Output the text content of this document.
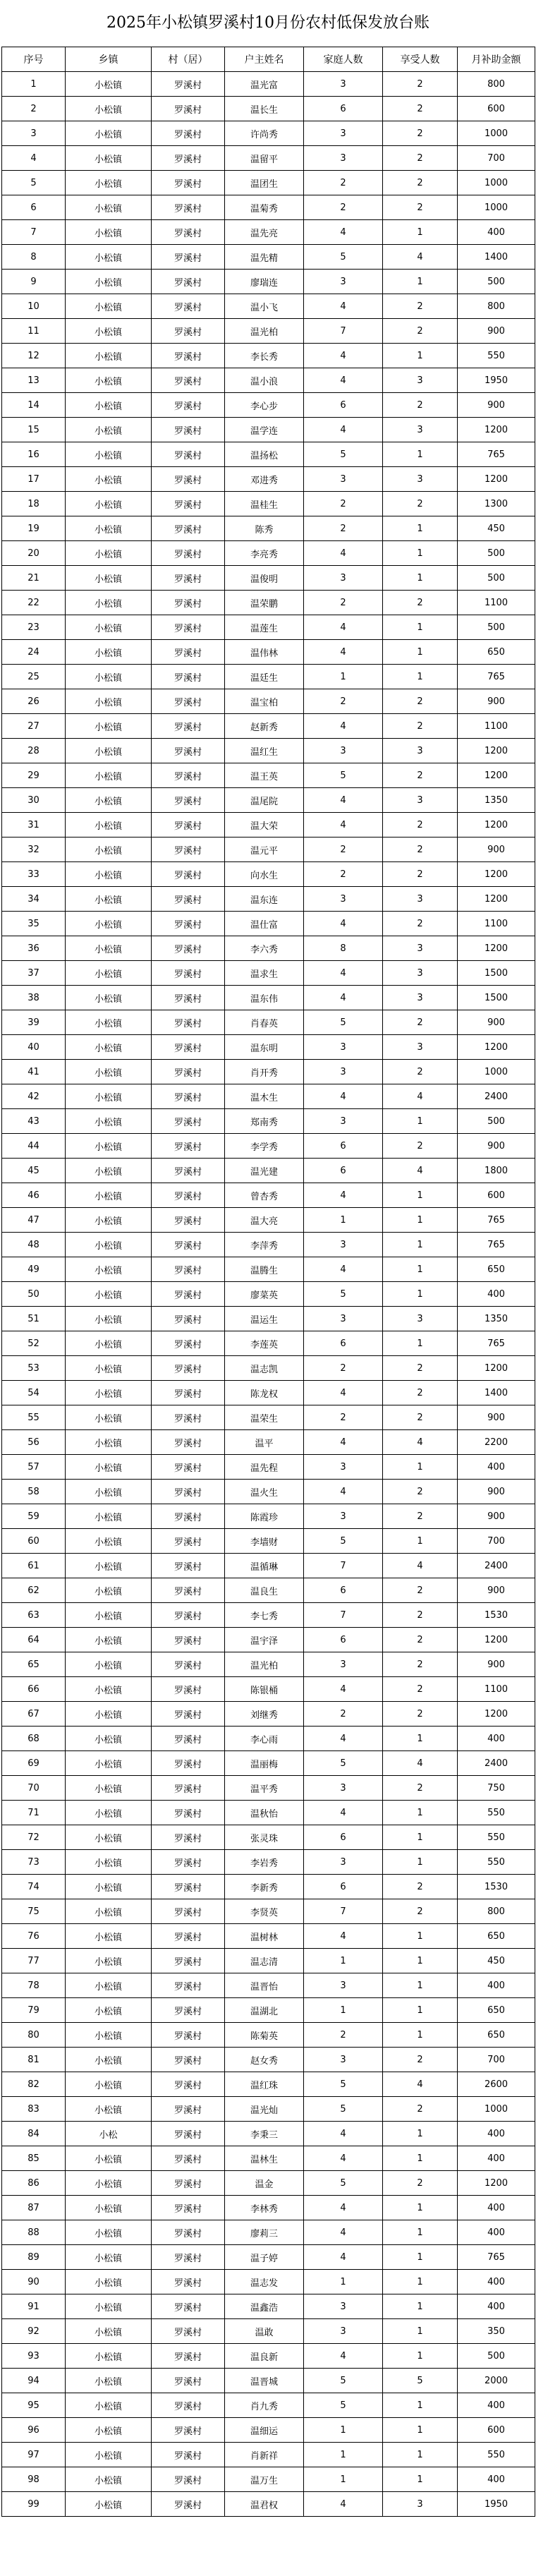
2025年小松镇罗溪村10月份农村低保发放台账
序号	乡镇	村（居）	户主姓名	家庭人数	享受人数	月补助金额
1	小松镇	罗溪村	温光富	3	2	800
2	小松镇	罗溪村	温长生	6	2	600
3	小松镇	罗溪村	许尚秀	3	2	1000
4	小松镇	罗溪村	温留平	3	2	700
5	小松镇	罗溪村	温团生	2	2	1000
6	小松镇	罗溪村	温菊秀	2	2	1000
7	小松镇	罗溪村	温先亮	4	1	400
8	小松镇	罗溪村	温先精	5	4	1400
9	小松镇	罗溪村	廖瑞连	3	1	500
10	小松镇	罗溪村	温小飞	4	2	800
11	小松镇	罗溪村	温光柏	7	2	900
12	小松镇	罗溪村	李长秀	4	1	550
13	小松镇	罗溪村	温小浪	4	3	1950
14	小松镇	罗溪村	李心步	6	2	900
15	小松镇	罗溪村	温学连	4	3	1200
16	小松镇	罗溪村	温扬松	5	1	765
17	小松镇	罗溪村	邓进秀	3	3	1200
18	小松镇	罗溪村	温桂生	2	2	1300
19	小松镇	罗溪村	陈秀	2	1	450
20	小松镇	罗溪村	李亮秀	4	1	500
21	小松镇	罗溪村	温俊明	3	1	500
22	小松镇	罗溪村	温荣鹏	2	2	1100
23	小松镇	罗溪村	温莲生	4	1	500
24	小松镇	罗溪村	温伟林	4	1	650
25	小松镇	罗溪村	温廷生	1	1	765
26	小松镇	罗溪村	温宝柏	2	2	900
27	小松镇	罗溪村	赵新秀	4	2	1100
28	小松镇	罗溪村	温红生	3	3	1200
29	小松镇	罗溪村	温王英	5	2	1200
30	小松镇	罗溪村	温尾院	4	3	1350
31	小松镇	罗溪村	温大荣	4	2	1200
32	小松镇	罗溪村	温元平	2	2	900
33	小松镇	罗溪村	向水生	2	2	1200
34	小松镇	罗溪村	温东连	3	3	1200
35	小松镇	罗溪村	温仕富	4	2	1100
36	小松镇	罗溪村	李六秀	8	3	1200
37	小松镇	罗溪村	温求生	4	3	1500
38	小松镇	罗溪村	温东伟	4	3	1500
39	小松镇	罗溪村	肖春英	5	2	900
40	小松镇	罗溪村	温东明	3	3	1200
41	小松镇	罗溪村	肖开秀	3	2	1000
42	小松镇	罗溪村	温木生	4	4	2400
43	小松镇	罗溪村	郑南秀	3	1	500
44	小松镇	罗溪村	李学秀	6	2	900
45	小松镇	罗溪村	温光建	6	4	1800
46	小松镇	罗溪村	曾杏秀	4	1	600
47	小松镇	罗溪村	温大亮	1	1	765
48	小松镇	罗溪村	李萍秀	3	1	765
49	小松镇	罗溪村	温腾生	4	1	650
50	小松镇	罗溪村	廖菜英	5	1	400
51	小松镇	罗溪村	温运生	3	3	1350
52	小松镇	罗溪村	李莲英	6	1	765
53	小松镇	罗溪村	温志凯	2	2	1200
54	小松镇	罗溪村	陈龙权	4	2	1400
55	小松镇	罗溪村	温荣生	2	2	900
56	小松镇	罗溪村	温平	4	4	2200
57	小松镇	罗溪村	温先程	3	1	400
58	小松镇	罗溪村	温火生	4	2	900
59	小松镇	罗溪村	陈霞珍	3	2	900
60	小松镇	罗溪村	李墙财	5	1	700
61	小松镇	罗溪村	温循琳	7	4	2400
62	小松镇	罗溪村	温良生	6	2	900
63	小松镇	罗溪村	李七秀	7	2	1530
64	小松镇	罗溪村	温宇泽	6	2	1200
65	小松镇	罗溪村	温光柏	3	2	900
66	小松镇	罗溪村	陈银桶	4	2	1100
67	小松镇	罗溪村	刘继秀	2	2	1200
68	小松镇	罗溪村	李心雨	4	1	400
69	小松镇	罗溪村	温丽梅	5	4	2400
70	小松镇	罗溪村	温平秀	3	2	750
71	小松镇	罗溪村	温秋怡	4	1	550
72	小松镇	罗溪村	张灵珠	6	1	550
73	小松镇	罗溪村	李岩秀	3	1	550
74	小松镇	罗溪村	李新秀	6	2	1530
75	小松镇	罗溪村	李贤英	7	2	800
76	小松镇	罗溪村	温树林	4	1	650
77	小松镇	罗溪村	温志清	1	1	450
78	小松镇	罗溪村	温晋怡	3	1	400
79	小松镇	罗溪村	温湖北	1	1	650
80	小松镇	罗溪村	陈菊英	2	1	650
81	小松镇	罗溪村	赵女秀	3	2	700
82	小松镇	罗溪村	温红珠	5	4	2600
83	小松镇	罗溪村	温光灿	5	2	1000
84	小松	罗溪村	李秉三	4	1	400
85	小松镇	罗溪村	温林生	4	1	400
86	小松镇	罗溪村	温金	5	2	1200
87	小松镇	罗溪村	李林秀	4	1	400
88	小松镇	罗溪村	廖莉三	4	1	400
89	小松镇	罗溪村	温子婷	4	1	765
90	小松镇	罗溪村	温志发	1	1	400
91	小松镇	罗溪村	温鑫浩	3	1	400
92	小松镇	罗溪村	温敢	3	1	350
93	小松镇	罗溪村	温良新	4	1	500
94	小松镇	罗溪村	温晋城	5	5	2000
95	小松镇	罗溪村	肖九秀	5	1	400
96	小松镇	罗溪村	温细运	1	1	600
97	小松镇	罗溪村	肖新祥	1	1	550
98	小松镇	罗溪村	温万生	1	1	400
99	小松镇	罗溪村	温君权	4	3	1950
